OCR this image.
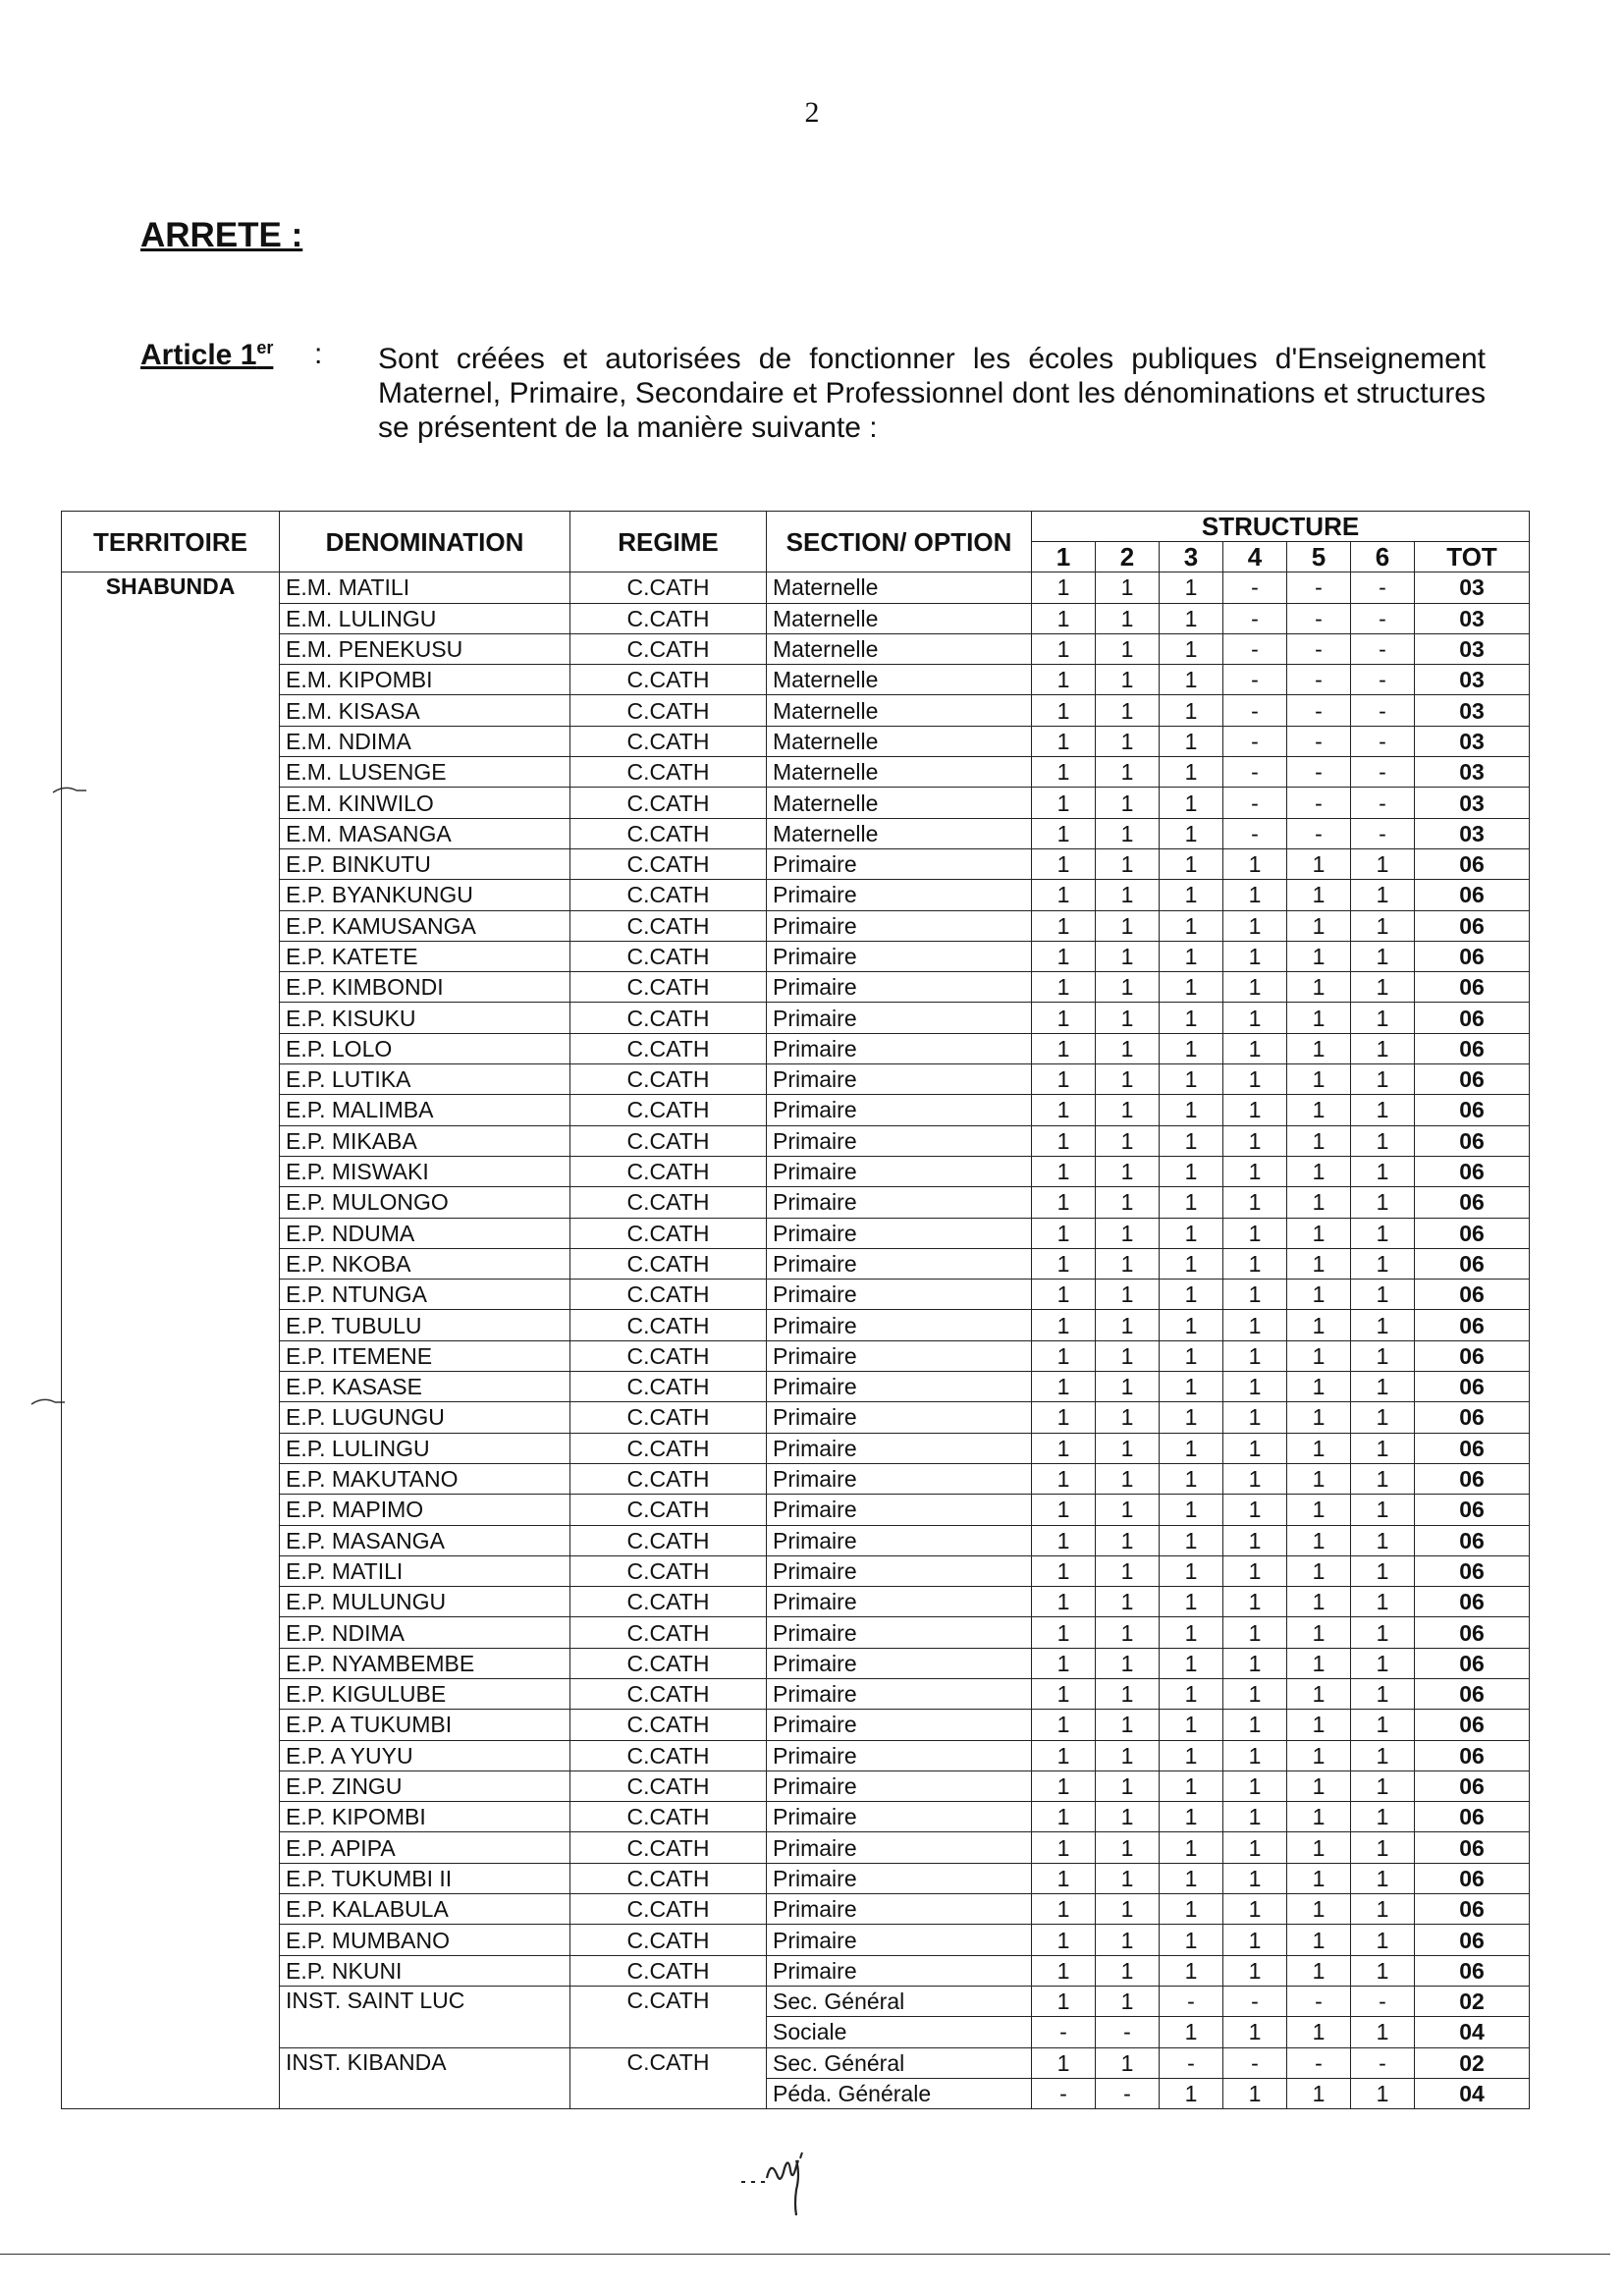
2
ARRETE :
Article 1er : Sont créées et autorisées de fonctionner les écoles publiques d'Enseignement Maternel, Primaire, Secondaire et Professionnel dont les dénominations et structures se présentent de la manière suivante :
TERRITOIRE	DENOMINATION	REGIME	SECTION/ OPTION	STRUCTURE						
				1	2	3	4	5	6	TOT
SHABUNDA	E.M. MATILI	C.CATH	Maternelle	1	1	1	-	-	-	03
	E.M. LULINGU	C.CATH	Maternelle	1	1	1	-	-	-	03
	E.M. PENEKUSU	C.CATH	Maternelle	1	1	1	-	-	-	03
	E.M. KIPOMBI	C.CATH	Maternelle	1	1	1	-	-	-	03
	E.M. KISASA	C.CATH	Maternelle	1	1	1	-	-	-	03
	E.M. NDIMA	C.CATH	Maternelle	1	1	1	-	-	-	03
	E.M. LUSENGE	C.CATH	Maternelle	1	1	1	-	-	-	03
	E.M. KINWILO	C.CATH	Maternelle	1	1	1	-	-	-	03
	E.M. MASANGA	C.CATH	Maternelle	1	1	1	-	-	-	03
	E.P. BINKUTU	C.CATH	Primaire	1	1	1	1	1	1	06
	E.P. BYANKUNGU	C.CATH	Primaire	1	1	1	1	1	1	06
	E.P. KAMUSANGA	C.CATH	Primaire	1	1	1	1	1	1	06
	E.P. KATETE	C.CATH	Primaire	1	1	1	1	1	1	06
	E.P. KIMBONDI	C.CATH	Primaire	1	1	1	1	1	1	06
	E.P. KISUKU	C.CATH	Primaire	1	1	1	1	1	1	06
	E.P. LOLO	C.CATH	Primaire	1	1	1	1	1	1	06
	E.P. LUTIKA	C.CATH	Primaire	1	1	1	1	1	1	06
	E.P. MALIMBA	C.CATH	Primaire	1	1	1	1	1	1	06
	E.P. MIKABA	C.CATH	Primaire	1	1	1	1	1	1	06
	E.P. MISWAKI	C.CATH	Primaire	1	1	1	1	1	1	06
	E.P. MULONGO	C.CATH	Primaire	1	1	1	1	1	1	06
	E.P. NDUMA	C.CATH	Primaire	1	1	1	1	1	1	06
	E.P. NKOBA	C.CATH	Primaire	1	1	1	1	1	1	06
	E.P. NTUNGA	C.CATH	Primaire	1	1	1	1	1	1	06
	E.P. TUBULU	C.CATH	Primaire	1	1	1	1	1	1	06
	E.P. ITEMENE	C.CATH	Primaire	1	1	1	1	1	1	06
	E.P. KASASE	C.CATH	Primaire	1	1	1	1	1	1	06
	E.P. LUGUNGU	C.CATH	Primaire	1	1	1	1	1	1	06
	E.P. LULINGU	C.CATH	Primaire	1	1	1	1	1	1	06
	E.P. MAKUTANO	C.CATH	Primaire	1	1	1	1	1	1	06
	E.P. MAPIMO	C.CATH	Primaire	1	1	1	1	1	1	06
	E.P. MASANGA	C.CATH	Primaire	1	1	1	1	1	1	06
	E.P. MATILI	C.CATH	Primaire	1	1	1	1	1	1	06
	E.P. MULUNGU	C.CATH	Primaire	1	1	1	1	1	1	06
	E.P. NDIMA	C.CATH	Primaire	1	1	1	1	1	1	06
	E.P. NYAMBEMBE	C.CATH	Primaire	1	1	1	1	1	1	06
	E.P. KIGULUBE	C.CATH	Primaire	1	1	1	1	1	1	06
	E.P. A TUKUMBI	C.CATH	Primaire	1	1	1	1	1	1	06
	E.P. A YUYU	C.CATH	Primaire	1	1	1	1	1	1	06
	E.P. ZINGU	C.CATH	Primaire	1	1	1	1	1	1	06
	E.P. KIPOMBI	C.CATH	Primaire	1	1	1	1	1	1	06
	E.P. APIPA	C.CATH	Primaire	1	1	1	1	1	1	06
	E.P. TUKUMBI II	C.CATH	Primaire	1	1	1	1	1	1	06
	E.P. KALABULA	C.CATH	Primaire	1	1	1	1	1	1	06
	E.P. MUMBANO	C.CATH	Primaire	1	1	1	1	1	1	06
	E.P. NKUNI	C.CATH	Primaire	1	1	1	1	1	1	06
	INST. SAINT LUC	C.CATH	Sec. Général	1	1	-	-	-	-	02
			Sociale	-	-	1	1	1	1	04
	INST. KIBANDA	C.CATH	Sec. Général	1	1	-	-	-	-	02
			Péda. Générale	-	-	1	1	1	1	04
